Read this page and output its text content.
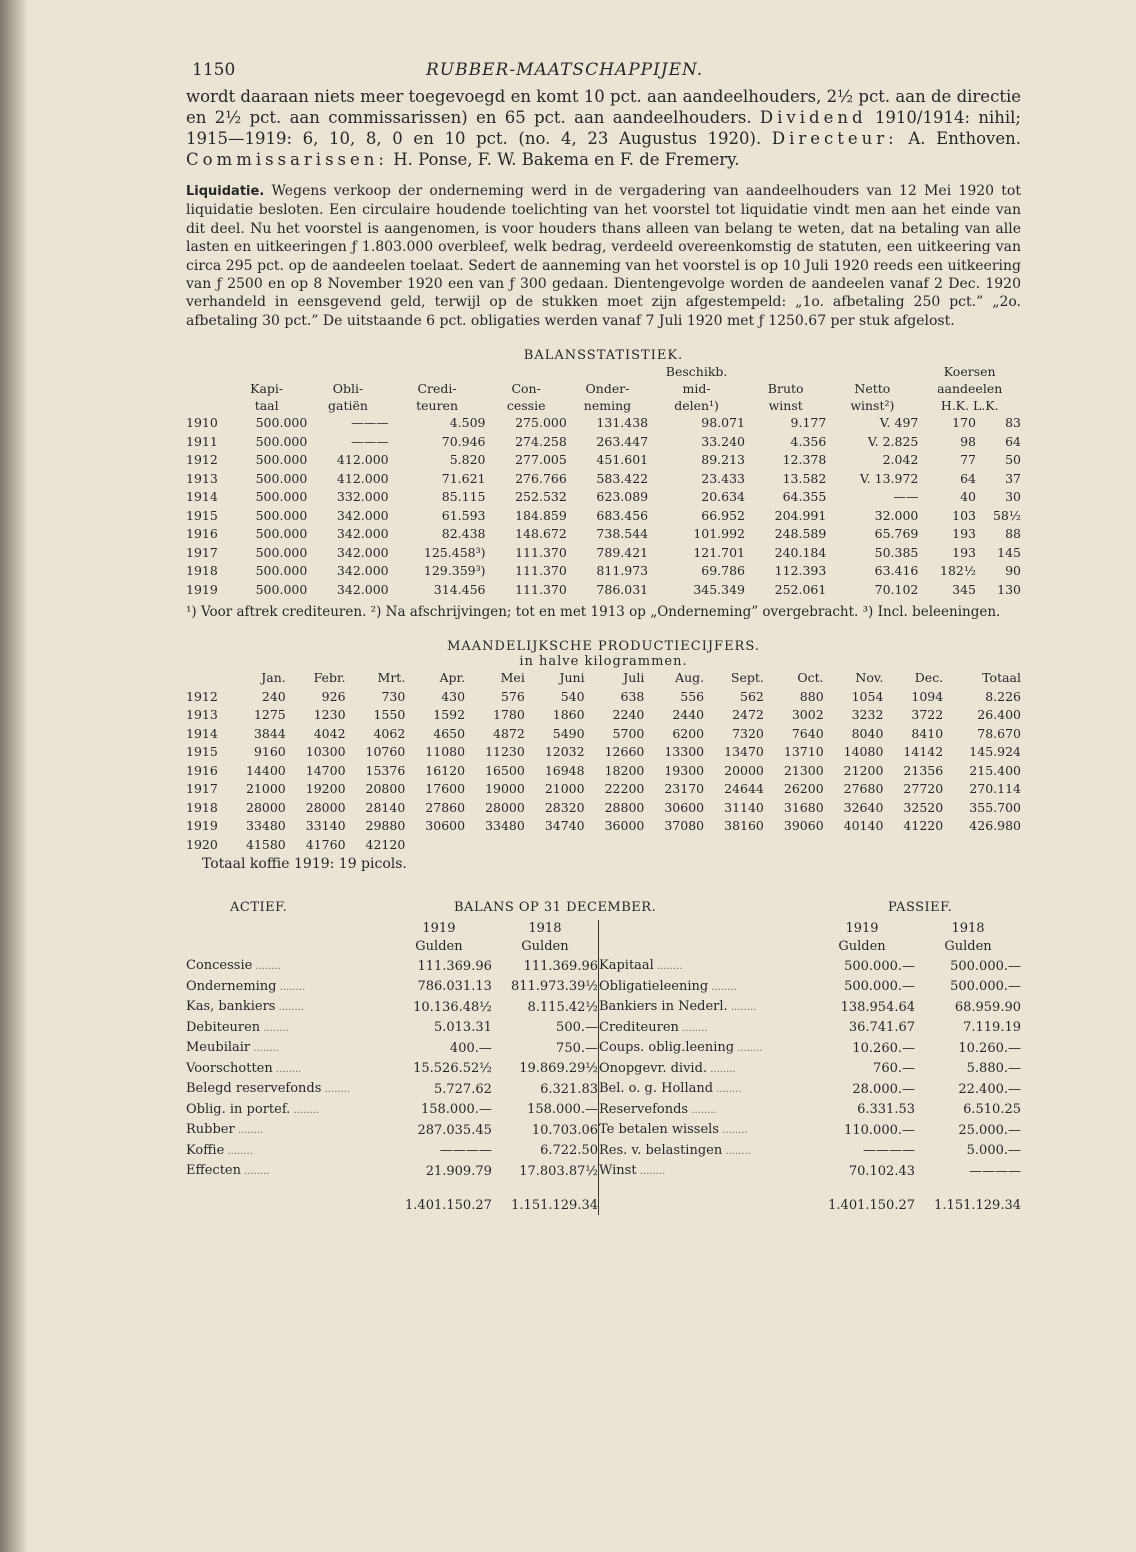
1150	RUBBER-MAATSCHAPPIJEN.

wordt daaraan niets meer toegevoegd en komt 10 pct. aan aandeelhouders, 2½ pct. aan de directie en 2½ pct. aan commissarissen) en 65 pct. aan aandeelhouders. Dividend 1910/1914: nihil; 1915—1919: 6, 10, 8, 0 en 10 pct. (no. 4, 23 Augustus 1920). Directeur: A. Enthoven. Commissarissen: H. Ponse, F. W. Bakema en F. de Fremery.

Liquidatie. Wegens verkoop der onderneming werd in de vergadering van aandeelhouders van 12 Mei 1920 tot liquidatie besloten. Een circulaire houdende toelichting van het voorstel tot liquidatie vindt men aan het einde van dit deel. Nu het voorstel is aangenomen, is voor houders thans alleen van belang te weten, dat na betaling van alle lasten en uitkeeringen ƒ 1.803.000 overbleef, welk bedrag, verdeeld overeenkomstig de statuten, een uitkeering van circa 295 pct. op de aandeelen toelaat. Sedert de aanneming van het voorstel is op 10 Juli 1920 reeds een uitkeering van ƒ 2500 en op 8 November 1920 een van ƒ 300 gedaan. Dientengevolge worden de aandeelen vanaf 2 Dec. 1920 verhandeld in eensgevend geld, terwijl op de stukken moet zijn afgestempeld: „1o. afbetaling 250 pct.” „2o. afbetaling 30 pct.” De uitstaande 6 pct. obligaties werden vanaf 7 Juli 1920 met ƒ 1250.67 per stuk afgelost.

BALANSSTATISTIEK.
						Beschikb.			Koersen	
	Kapi-	Obli-	Credi-	Con-	Onder-	mid-	Bruto	Netto	aandeelen	
	taal	gatiën	teuren	cessie	neming	delen¹)	winst	winst²)	H.K. L.K.	
1910	500.000	———	4.509	275.000	131.438	98.071	9.177	V. 497	170	83
1911	500.000	———	70.946	274.258	263.447	33.240	4.356	V. 2.825	98	64
1912	500.000	412.000	5.820	277.005	451.601	89.213	12.378	2.042	77	50
1913	500.000	412.000	71.621	276.766	583.422	23.433	13.582	V. 13.972	64	37
1914	500.000	332.000	85.115	252.532	623.089	20.634	64.355	——	40	30
1915	500.000	342.000	61.593	184.859	683.456	66.952	204.991	32.000	103	58½
1916	500.000	342.000	82.438	148.672	738.544	101.992	248.589	65.769	193	88
1917	500.000	342.000	125.458³)	111.370	789.421	121.701	240.184	50.385	193	145
1918	500.000	342.000	129.359³)	111.370	811.973	69.786	112.393	63.416	182½	90
1919	500.000	342.000	314.456	111.370	786.031	345.349	252.061	70.102	345	130

¹) Voor aftrek crediteuren. ²) Na afschrijvingen; tot en met 1913 op „Onderneming” overgebracht. ³) Incl. beleeningen.

MAANDELIJKSCHE PRODUCTIECIJFERS.
in halve kilogrammen.
	Jan.	Febr.	Mrt.	Apr.	Mei	Juni	Juli	Aug.	Sept.	Oct.	Nov.	Dec.	Totaal
1912	240	926	730	430	576	540	638	556	562	880	1054	1094	8.226
1913	1275	1230	1550	1592	1780	1860	2240	2440	2472	3002	3232	3722	26.400
1914	3844	4042	4062	4650	4872	5490	5700	6200	7320	7640	8040	8410	78.670
1915	9160	10300	10760	11080	11230	12032	12660	13300	13470	13710	14080	14142	145.924
1916	14400	14700	15376	16120	16500	16948	18200	19300	20000	21300	21200	21356	215.400
1917	21000	19200	20800	17600	19000	21000	22200	23170	24644	26200	27680	27720	270.114
1918	28000	28000	28140	27860	28000	28320	28800	30600	31140	31680	32640	32520	355.700
1919	33480	33140	29880	30600	33480	34740	36000	37080	38160	39060	40140	41220	426.980
1920	41580	41760	42120										

Totaal koffie 1919: 19 picols.

ACTIEF.	BALANS OP 31 DECEMBER.	PASSIEF.
	1919	1918
	Gulden	Gulden
Concessie ........	111.369.96	111.369.96
Onderneming ........	786.031.13	811.973.39½
Kas, bankiers ........	10.136.48½	8.115.42½
Debiteuren ........	5.013.31	500.—
Meubilair ........	400.—	750.—
Voorschotten ........	15.526.52½	19.869.29½
Belegd reservefonds ........	5.727.62	6.321.83
Oblig. in portef. ........	158.000.—	158.000.—
Rubber ........	287.035.45	10.703.06
Koffie ........	————	6.722.50
Effecten ........	21.909.79	17.803.87½
	1.401.150.27	1.151.129.34
	1919	1918
	Gulden	Gulden
Kapitaal ........	500.000.—	500.000.—
Obligatieleening ........	500.000.—	500.000.—
Bankiers in Nederl. ........	138.954.64	68.959.90
Crediteuren ........	36.741.67	7.119.19
Coups. oblig.leening ........	10.260.—	10.260.—
Onopgevr. divid. ........	760.—	5.880.—
Bel. o. g. Holland ........	28.000.—	22.400.—
Reservefonds ........	6.331.53	6.510.25
Te betalen wissels ........	110.000.—	25.000.—
Res. v. belastingen ........	————	5.000.—
Winst ........	70.102.43	————
	1.401.150.27	1.151.129.34
